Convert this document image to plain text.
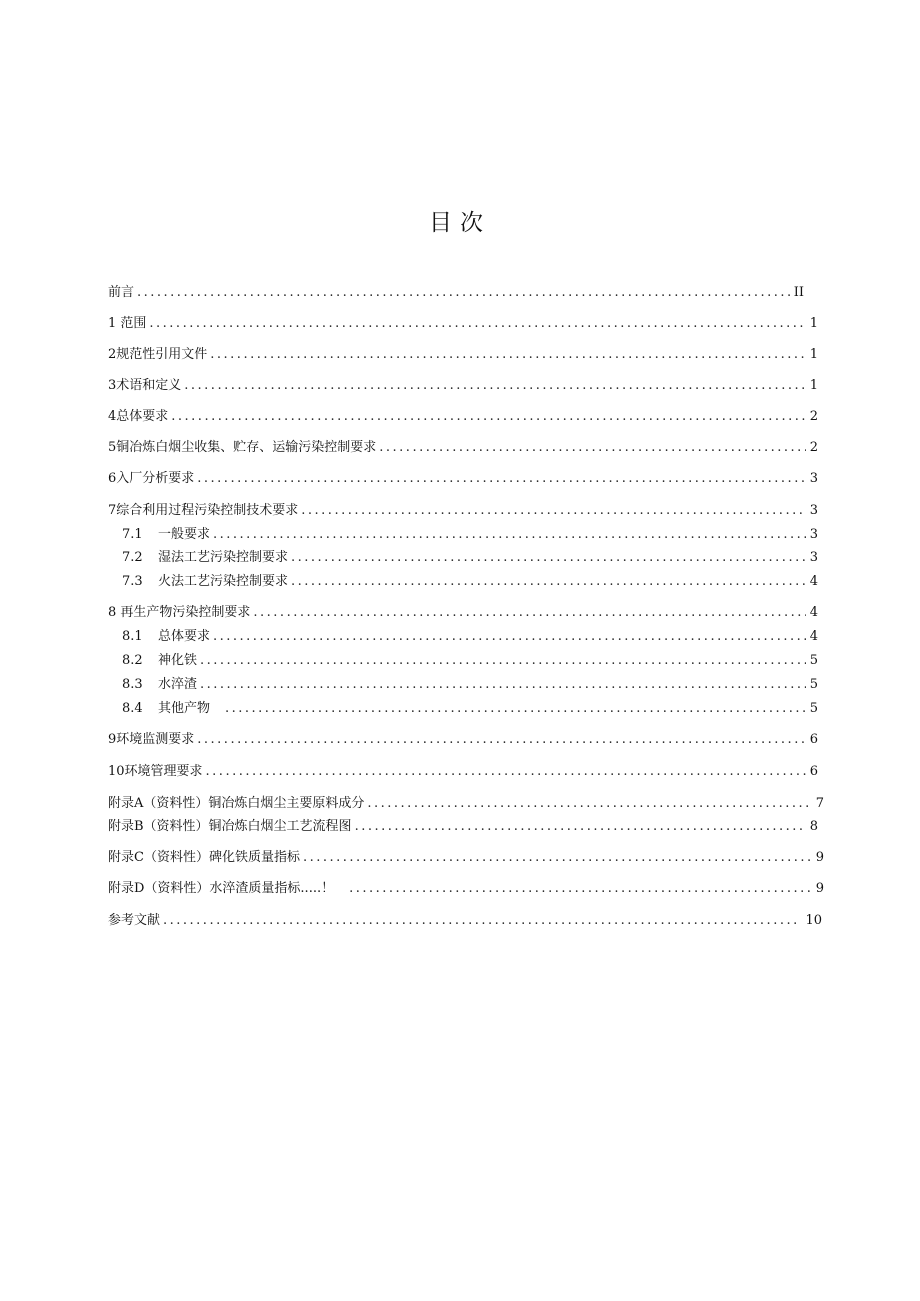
目次
前言 .....	II
1 范围 .....	1
2规范性引用文件 .....	1
3术语和定义 .....	1
4总体要求 .....	2
5铜冶炼白烟尘收集、贮存、运输污染控制要求 .....	2
6入厂分析要求 .....	3
7综合利用过程污染控制技术要求 .....	3
7.1	一般要求 .....	3
7.2	湿法工艺污染控制要求 .....	3
7.3	火法工艺污染控制要求 .....	4
8 再生产物污染控制要求 .....	4
8.1	总体要求 .....	4
8.2	神化铁 .....	5
8.3	水淬渣 .....	5
8.4	其他产物 .....	5
9环境监测要求 .....	6
10环境管理要求 .....	6
附录A（资料性）铜冶炼白烟尘主要原料成分 .....	7
附录B（资料性）铜冶炼白烟尘工艺流程图 .....	8
附录C（资料性）碑化铁质量指标 .....	9
附录D（资料性）水淬渣质量指标.....！ .....	9
参考文献 .....	10
